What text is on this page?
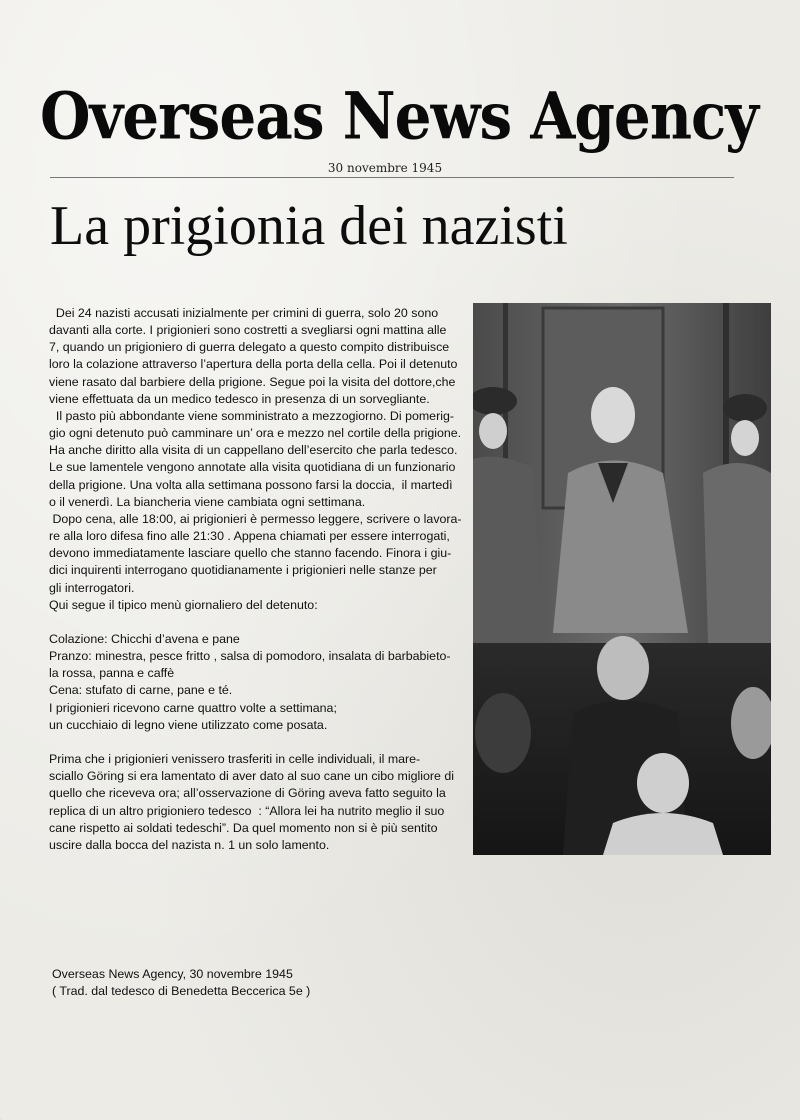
Overseas News Agency
30 novembre 1945
La prigionia dei nazisti

Dei 24 nazisti accusati inizialmente per crimini di guerra, solo 20 sono

davanti alla corte. I prigionieri sono costretti a svegliarsi ogni mattina alle

7, quando un prigioniero di guerra delegato a questo compito distribuisce

loro la colazione attraverso l’apertura della porta della cella. Poi il detenuto

viene rasato dal barbiere della prigione. Segue poi la visita del dottore,che

viene effettuata da un medico tedesco in presenza di un sorvegliante.

Il pasto più abbondante viene somministrato a mezzogiorno. Di pomerig-

gio ogni detenuto può camminare un’ ora e mezzo nel cortile della prigione.

Ha anche diritto alla visita di un cappellano dell’esercito che parla tedesco.

Le sue lamentele vengono annotate alla visita quotidiana di un funzionario

della prigione. Una volta alla settimana possono farsi la doccia,  il martedì

o il venerdì. La biancheria viene cambiata ogni settimana.

Dopo cena, alle 18:00, ai prigionieri è permesso leggere, scrivere o lavora-

re alla loro difesa fino alle 21:30 . Appena chiamati per essere interrogati,

devono immediatamente lasciare quello che stanno facendo. Finora i giu-

dici inquirenti interrogano quotidianamente i prigionieri nelle stanze per

gli interrogatori.

Qui segue il tipico menù giornaliero del detenuto:

Colazione: Chicchi d’avena e pane

Pranzo: minestra, pesce fritto , salsa di pomodoro, insalata di barbabieto-

la rossa, panna e caffè

Cena: stufato di carne, pane e té.

I prigionieri ricevono carne quattro volte a settimana;

un cucchiaio di legno viene utilizzato come posata.

Prima che i prigionieri venissero trasferiti in celle individuali, il mare-

sciallo Göring si era lamentato di aver dato al suo cane un cibo migliore di

quello che riceveva ora; all’osservazione di Göring aveva fatto seguito la

replica di un altro prigioniero tedesco  : “Allora lei ha nutrito meglio il suo

cane rispetto ai soldati tedeschi”. Da quel momento non si è più sentito

uscire dalla bocca del nazista n. 1 un solo lamento.

Overseas News Agency, 30 novembre 1945
( Trad. dal tedesco di Benedetta Beccerica 5e )
